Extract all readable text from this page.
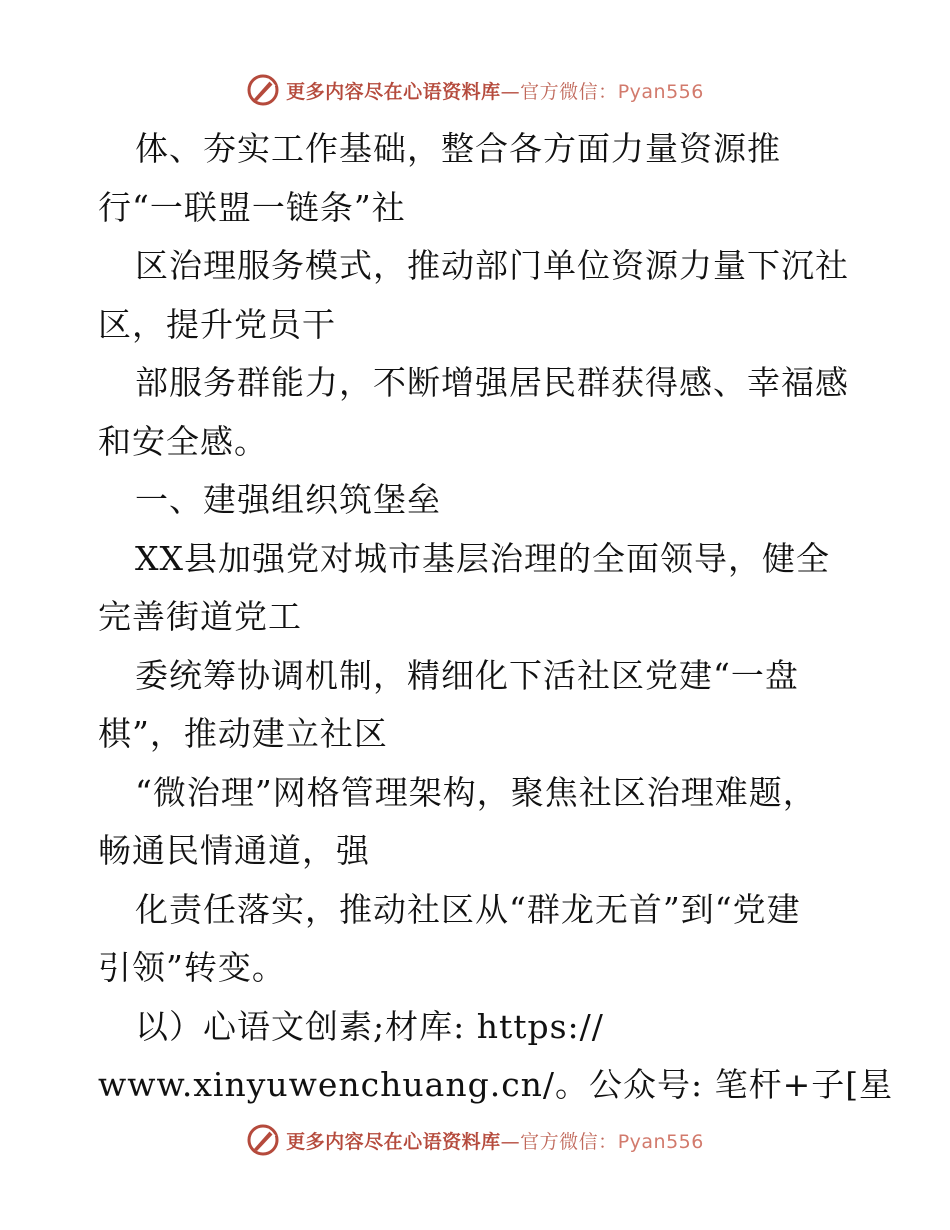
更多内容尽在心语资料库—官方微信：Pyan556
体、夯实工作基础，整合各方面力量资源推
行“一联盟一链条”社
区治理服务模式，推动部门单位资源力量下沉社
区，提升党员干
部服务群能力，不断增强居民群获得感、幸福感
和安全感。
一、建强组织筑堡垒
XX县加强党对城市基层治理的全面领导，健全
完善街道党工
委统筹协调机制，精细化下活社区党建“一盘
棋”，推动建立社区
“微治理”网格管理架构，聚焦社区治理难题，
畅通民情通道，强
化责任落实，推动社区从“群龙无首”到“党建
引领”转变。
以）心语文创素;材库: https://
www.xinyuwenchuang.cn/。公众号: 笔杆+子[星
更多内容尽在心语资料库—官方微信：Pyan556
